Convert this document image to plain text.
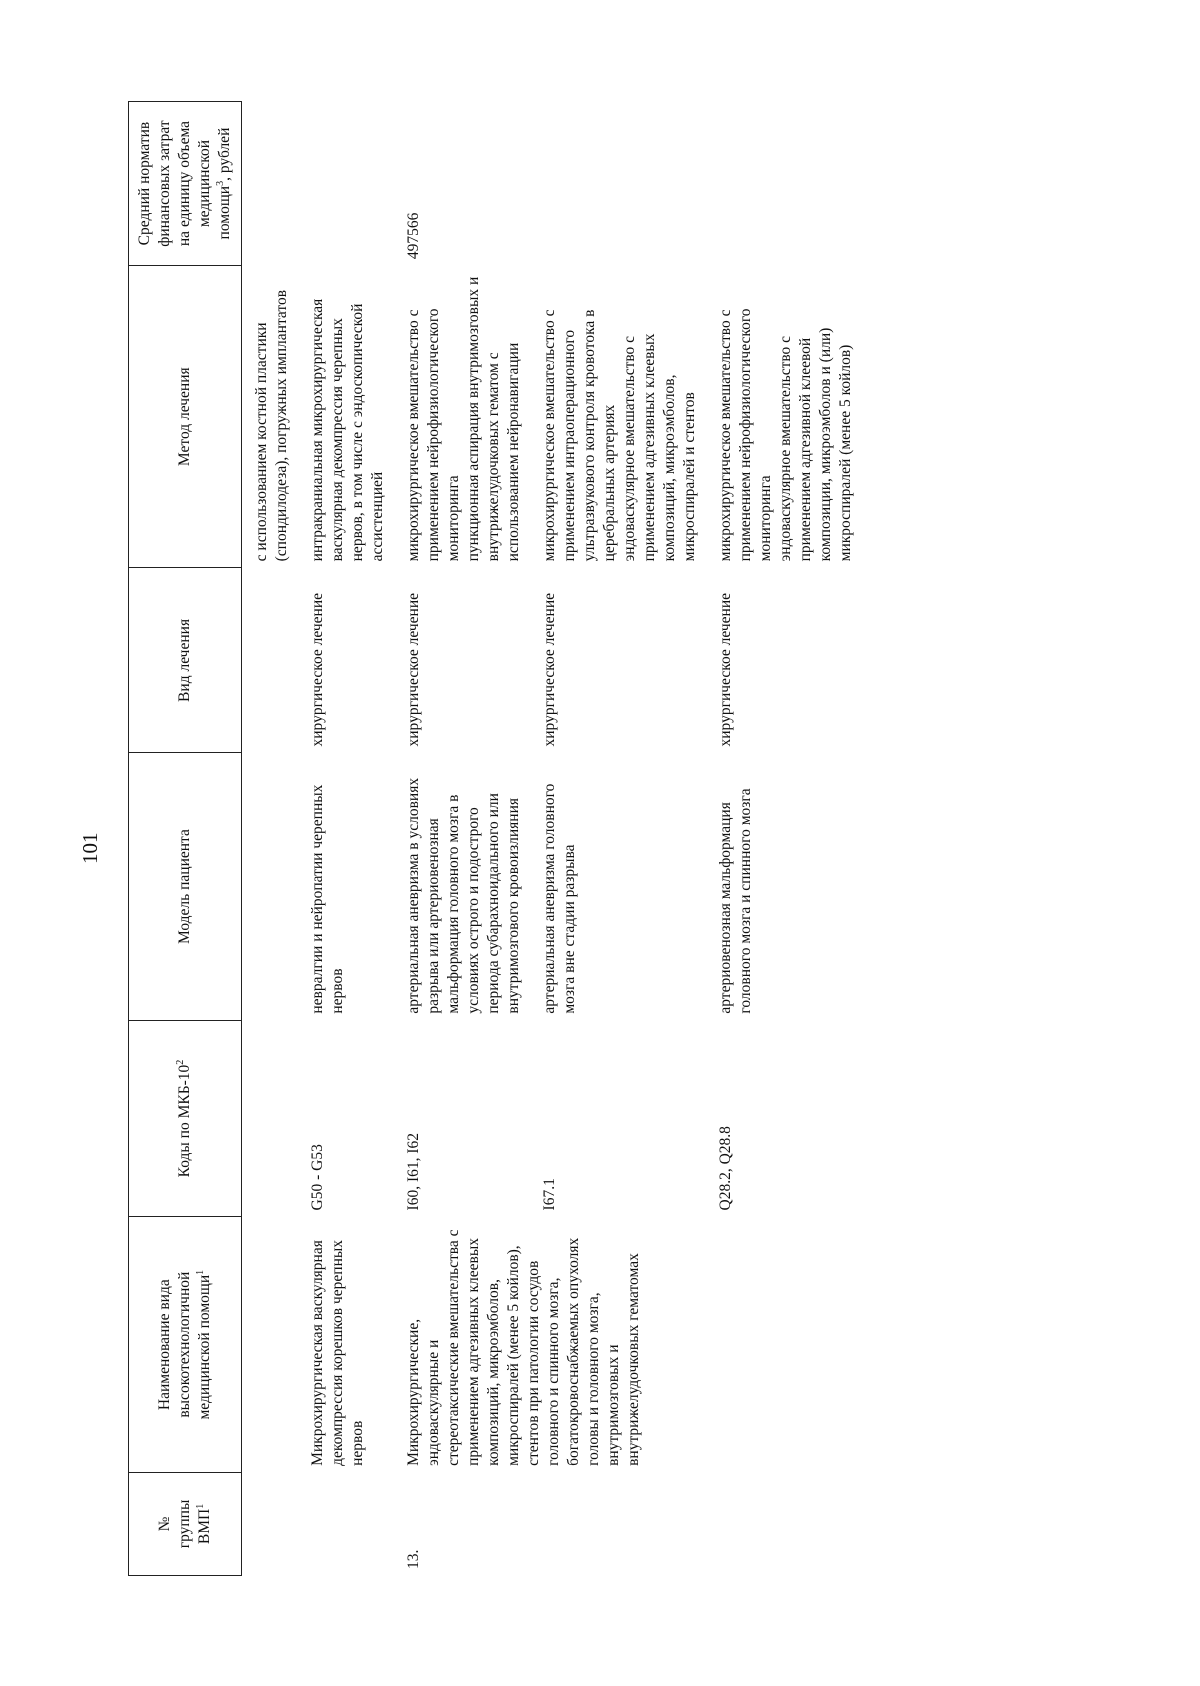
101
№ группы ВМП$^1$	Наименование вида высокотехнологичной медицинской помощи$^1$	Коды по МКБ-$10^2$	Модель пациента	Вид лечения	Метод лечения	Средний норматив финансовых затрат на единицу объема медицинской помощи$^3$, рублей

					с использованием костной пластики (спондилодеза), погружных имплантатов	

	Микрохирургическая васкулярная декомпрессия корешков черепных нервов	G50 - G53	невралгии и нейропатии черепных нервов	хирургическое лечение	интракраниальная микрохирургическая васкулярная декомпрессия черепных нервов, в том числе с эндоскопической ассистенцией	

13.	Микрохирургические, эндоваскулярные и стереотаксические вмешательства с применением адгезивных клеевых композиций, микроэмболов, микроспиралей (менее 5 койлов), стентов при патологии сосудов головного и спинного мозга, богатокровоснабжаемых опухолях головы и головного мозга, внутримозговых и внутрижелудочковых гематомах	I60, I61, I62	артериальная аневризма в условиях разрыва или артериовенозная мальформация головного мозга в условиях острого и подострого периода субарахноидального или внутримозгового кровоизлияния	хирургическое лечение	микрохирургическое вмешательство с применением нейрофизиологического мониторинга пункционная аспирация внутримозговых и внутрижелудочковых гематом с использованием нейронавигации	497566
		I67.1	артериальная аневризма головного мозга вне стадии разрыва	хирургическое лечение	микрохирургическое вмешательство с применением интраоперационного ультразвукового контроля кровотока в церебральных артериях эндоваскулярное вмешательство с применением адгезивных клеевых композиций, микроэмболов, микроспиралей и стентов	

		Q28.2, Q28.8	артериовенозная мальформация головного мозга и спинного мозга	хирургическое лечение	микрохирургическое вмешательство с применением нейрофизиологического мониторинга эндоваскулярное вмешательство с применением адгезивной клеевой композиции, микроэмболов и (или) микроспиралей (менее 5 койлов)	
